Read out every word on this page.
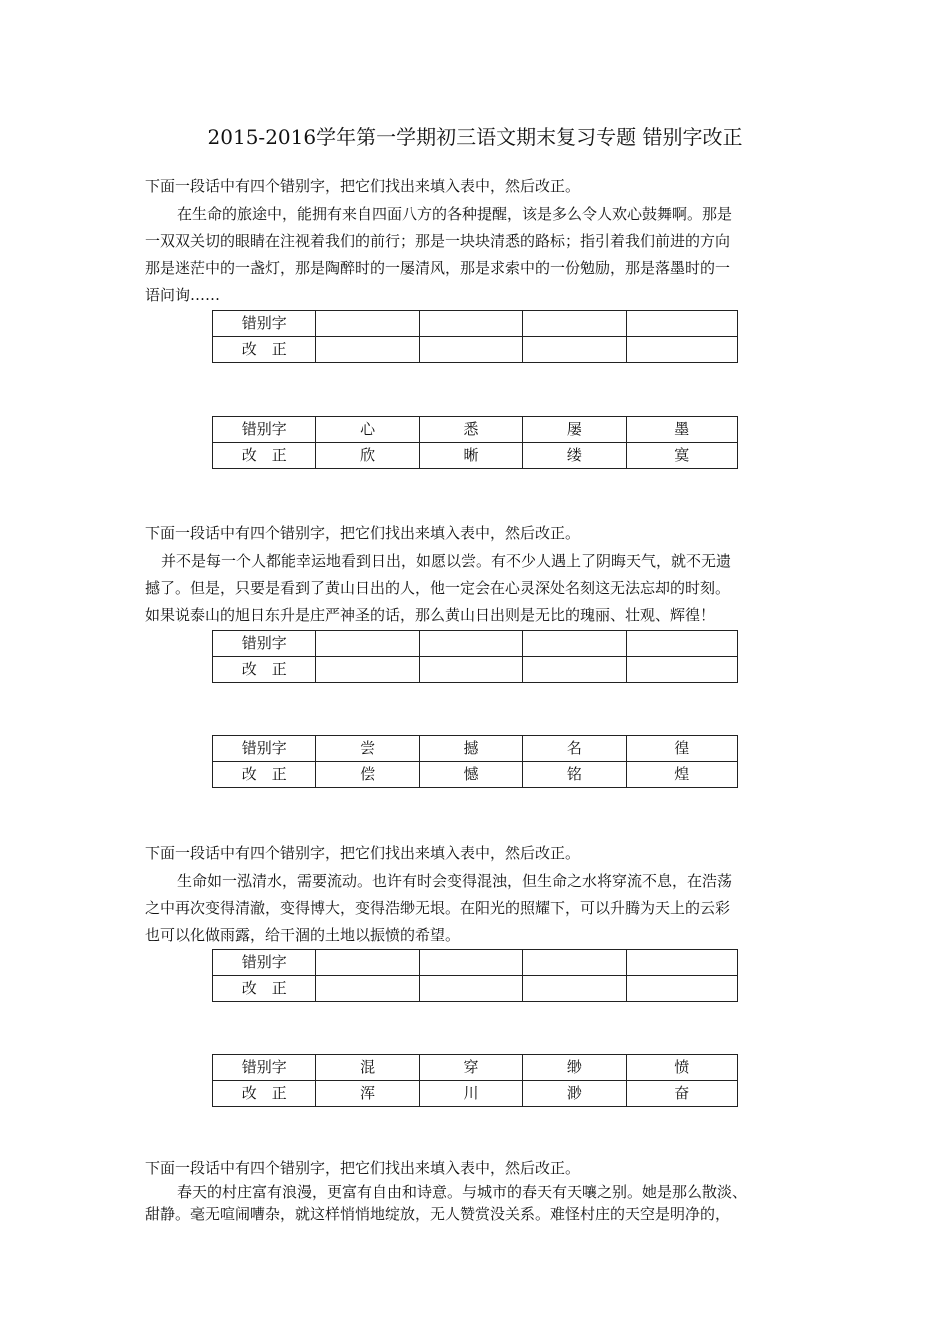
2015-2016学年第一学期初三语文期末复习专题 错别字改正
下面一段话中有四个错别字，把它们找出来填入表中，然后改正。
在生命的旅途中，能拥有来自四面八方的各种提醒，该是多么令人欢心鼓舞啊。那是
一双双关切的眼睛在注视着我们的前行；那是一块块清悉的路标；指引着我们前进的方向
那是迷茫中的一盏灯，那是陶醉时的一屡清风，那是求索中的一份勉励，那是落墨时的一
语问询……
错别字				
改　正				
错别字	心	悉	屡	墨
改　正	欣	晰	缕	寞
下面一段话中有四个错别字，把它们找出来填入表中，然后改正。
并不是每一个人都能幸运地看到日出，如愿以尝。有不少人遇上了阴晦天气，就不无遗
撼了。但是，只要是看到了黄山日出的人，他一定会在心灵深处名刻这无法忘却的时刻。
如果说泰山的旭日东升是庄严神圣的话，那么黄山日出则是无比的瑰丽、壮观、辉徨！
错别字				
改　正				
错别字	尝	撼	名	徨
改　正	偿	憾	铭	煌
下面一段话中有四个错别字，把它们找出来填入表中，然后改正。
生命如一泓清水，需要流动。也许有时会变得混浊，但生命之水将穿流不息，在浩荡
之中再次变得清澈，变得博大，变得浩缈无垠。在阳光的照耀下，可以升腾为天上的云彩
也可以化做雨露，给干涸的土地以振愤的希望。
错别字				
改　正				
错别字	混	穿	缈	愤
改　正	浑	川	渺	奋
下面一段话中有四个错别字，把它们找出来填入表中，然后改正。
春天的村庄富有浪漫，更富有自由和诗意。与城市的春天有天嚷之别。她是那么散淡、
甜静。毫无喧闹嘈杂，就这样悄悄地绽放，无人赞赏没关系。难怪村庄的天空是明净的，
